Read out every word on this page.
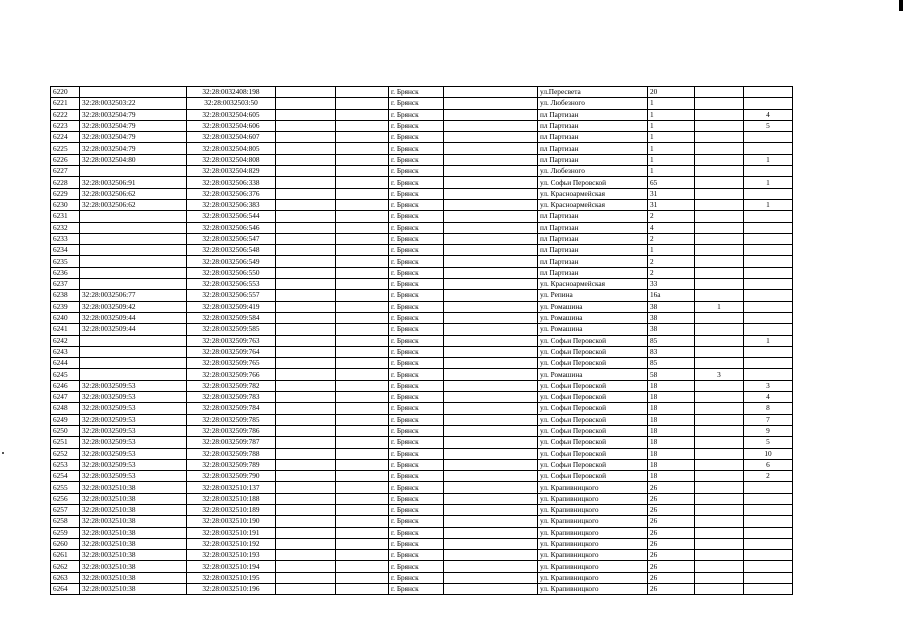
6220		32:28:0032408:198			г. Брянск		ул.Пересвета	20		
6221	32:28:0032503:22	32:28:0032503:50			г. Брянск		ул. Любезного	1		
6222	32:28:0032504:79	32:28:0032504:605			г. Брянск		пл Партизан	1		4
6223	32:28:0032504:79	32:28:0032504:606			г. Брянск		пл Партизан	1		5
6224	32:28:0032504:79	32:28:0032504:607			г. Брянск		пл Партизан	1		
6225	32:28:0032504:79	32:28:0032504:805			г. Брянск		пл Партизан	1		
6226	32:28:0032504:80	32:28:0032504:808			г. Брянск		пл Партизан	1		1
6227		32:28:0032504:829			г. Брянск		ул. Любезного	1		
6228	32:28:0032506:91	32:28:0032506:338			г. Брянск		ул. Софьи Перовской	65		1
6229	32:28:0032506:62	32:28:0032506:376			г. Брянск		ул. Красноармейская	31		
6230	32:28:0032506:62	32:28:0032506:383			г. Брянск		ул. Красноармейская	31		1
6231		32:28:0032506:544			г. Брянск		пл Партизан	2		
6232		32:28:0032506:546			г. Брянск		пл Партизан	4		
6233		32:28:0032506:547			г. Брянск		пл Партизан	2		
6234		32:28:0032506:548			г. Брянск		пл Партизан	1		
6235		32:28:0032506:549			г. Брянск		пл Партизан	2		
6236		32:28:0032506:550			г. Брянск		пл Партизан	2		
6237		32:28:0032506:553			г. Брянск		ул. Красноармейская	33		
6238	32:28:0032506:77	32:28:0032506:557			г. Брянск		ул. Репина	16а		
6239	32:28:0032509:42	32:28:0032509:419			г. Брянск		ул. Ромашина	38	1	
6240	32:28:0032509:44	32:28:0032509:584			г. Брянск		ул. Ромашина	38		
6241	32:28:0032509:44	32:28:0032509:585			г. Брянск		ул. Ромашина	38		
6242		32:28:0032509:763			г. Брянск		ул. Софьи Перовской	85		1
6243		32:28:0032509:764			г. Брянск		ул. Софьи Перовской	83		
6244		32:28:0032509:765			г. Брянск		ул. Софьи Перовской	85		
6245		32:28:0032509:766			г. Брянск		ул. Ромашина	58	3	
6246	32:28:0032509:53	32:28:0032509:782			г. Брянск		ул. Софьи Перовской	18		3
6247	32:28:0032509:53	32:28:0032509:783			г. Брянск		ул. Софьи Перовской	18		4
6248	32:28:0032509:53	32:28:0032509:784			г. Брянск		ул. Софьи Перовской	18		8
6249	32:28:0032509:53	32:28:0032509:785			г. Брянск		ул. Софьи Перовской	18		7
6250	32:28:0032509:53	32:28:0032509:786			г. Брянск		ул. Софьи Перовской	18		9
6251	32:28:0032509:53	32:28:0032509:787			г. Брянск		ул. Софьи Перовской	18		5
6252	32:28:0032509:53	32:28:0032509:788			г. Брянск		ул. Софьи Перовской	18		10
6253	32:28:0032509:53	32:28:0032509:789			г. Брянск		ул. Софьи Перовской	18		6
6254	32:28:0032509:53	32:28:0032509:790			г. Брянск		ул. Софьи Перовской	18		2
6255	32:28:0032510:38	32:28:0032510:137			г. Брянск		ул. Крапивницкого	26		
6256	32:28:0032510:38	32:28:0032510:188			г. Брянск		ул. Крапивницкого	26		
6257	32:28:0032510:38	32:28:0032510:189			г. Брянск		ул. Крапивницкого	26		
6258	32:28:0032510:38	32:28:0032510:190			г. Брянск		ул. Крапивницкого	26		
6259	32:28:0032510:38	32:28:0032510:191			г. Брянск		ул. Крапивницкого	26		
6260	32:28:0032510:38	32:28:0032510:192			г. Брянск		ул. Крапивницкого	26		
6261	32:28:0032510:38	32:28:0032510:193			г. Брянск		ул. Крапивницкого	26		
6262	32:28:0032510:38	32:28:0032510:194			г. Брянск		ул. Крапивницкого	26		
6263	32:28:0032510:38	32:28:0032510:195			г. Брянск		ул. Крапивницкого	26		
6264	32:28:0032510:38	32:28:0032510:196			г. Брянск		ул. Крапивницкого	26		
